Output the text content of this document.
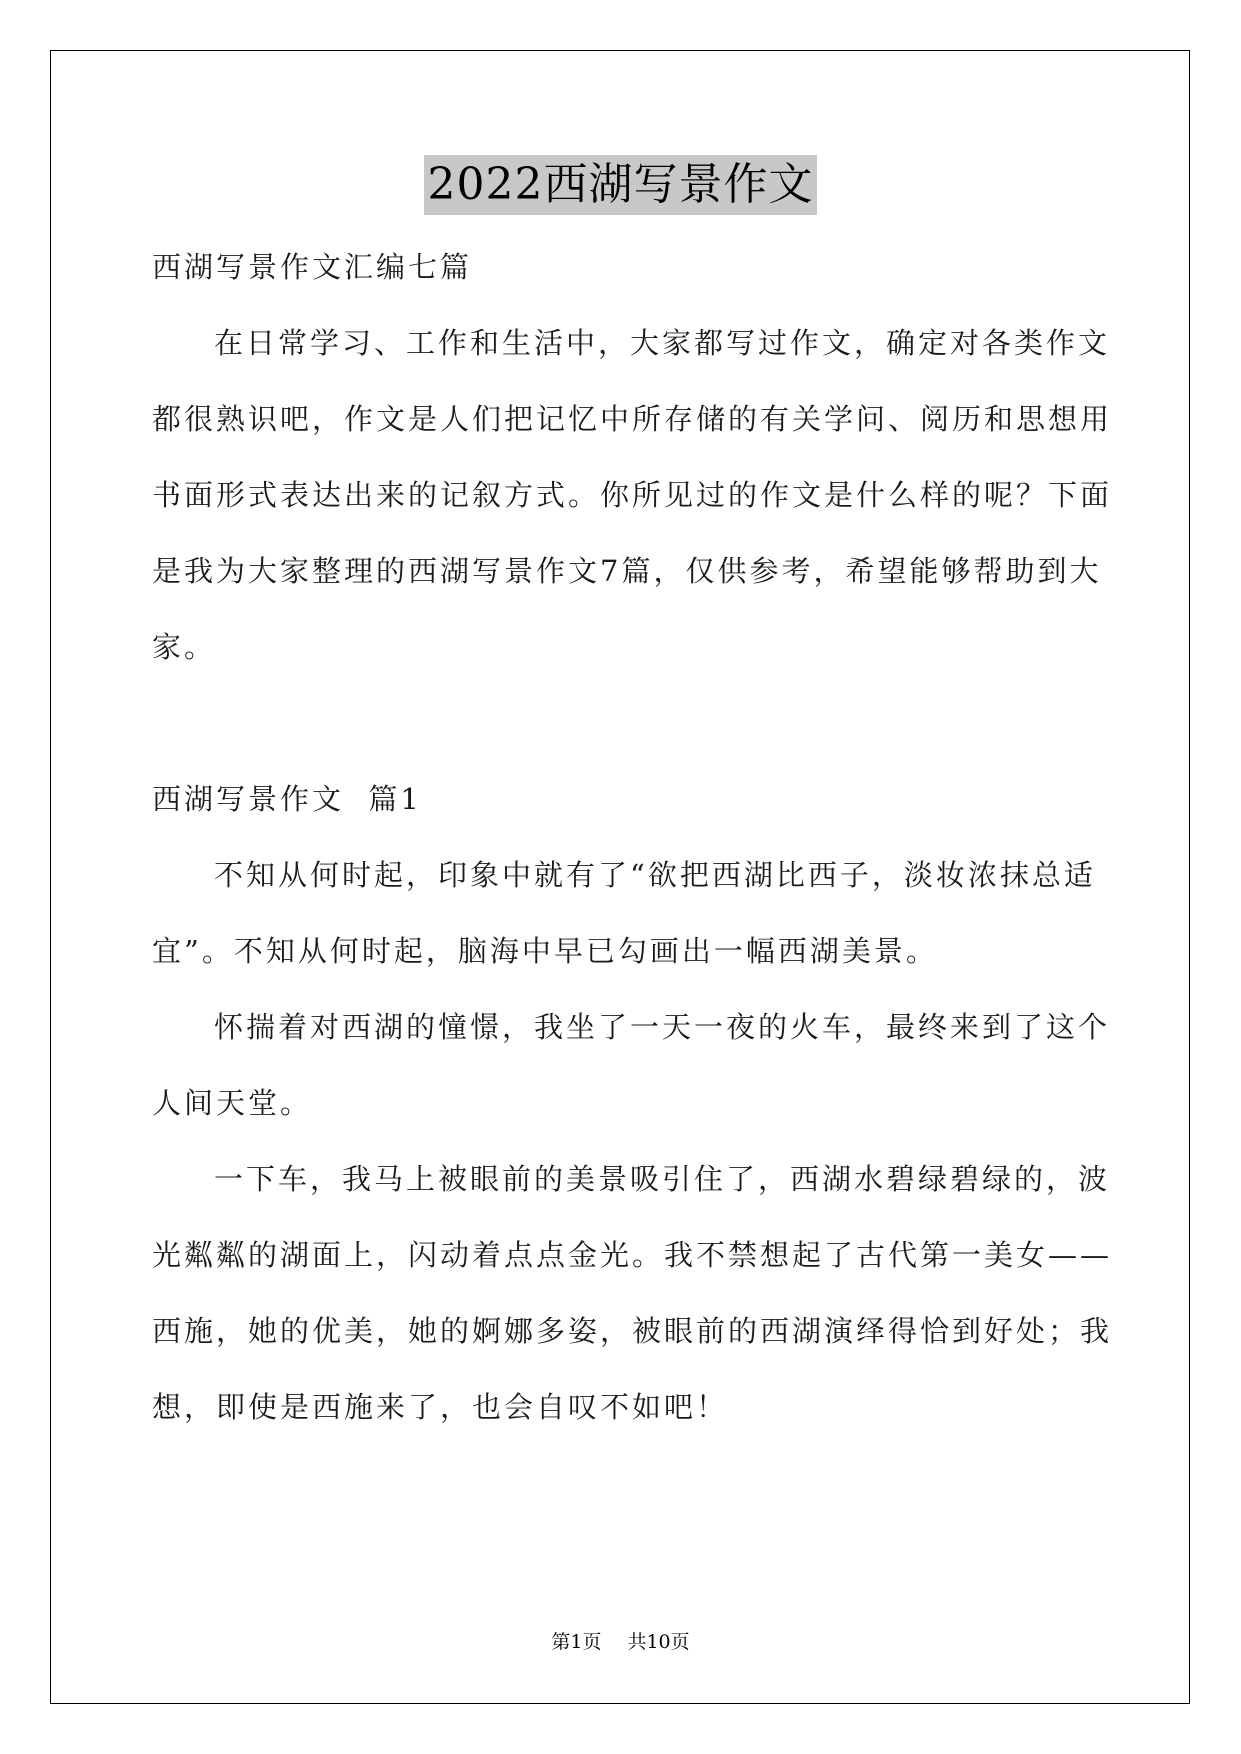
2022西湖写景作文
西湖写景作文汇编七篇
在日常学习、工作和生活中，大家都写过作文，确定对各类作文
都很熟识吧，作文是人们把记忆中所存储的有关学问、阅历和思想用
书面形式表达出来的记叙方式。你所见过的作文是什么样的呢？下面
是我为大家整理的西湖写景作文7篇，仅供参考，希望能够帮助到大
家。
西湖写景作文  篇1
不知从何时起，印象中就有了“欲把西湖比西子，淡妆浓抹总适
宜”。不知从何时起，脑海中早已勾画出一幅西湖美景。
怀揣着对西湖的憧憬，我坐了一天一夜的火车，最终来到了这个
人间天堂。
一下车，我马上被眼前的美景吸引住了，西湖水碧绿碧绿的，波
光粼粼的湖面上，闪动着点点金光。我不禁想起了古代第一美女——
西施，她的优美，她的婀娜多姿，被眼前的西湖演绎得恰到好处；我
想，即使是西施来了，也会自叹不如吧！
第1页 共10页
